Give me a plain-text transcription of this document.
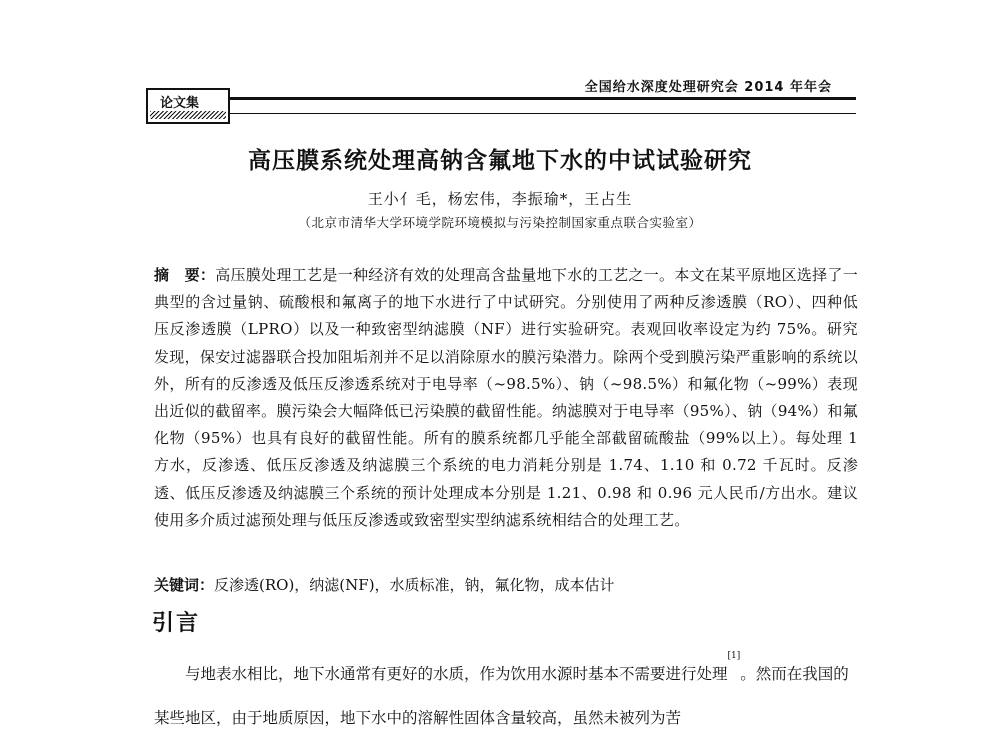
全国给水深度处理研究会 2014 年年会
论文集
高压膜系统处理高钠含氟地下水的中试试验研究
王小亻毛，杨宏伟，李振瑜*，王占生
（北京市清华大学环境学院环境模拟与污染控制国家重点联合实验室）

摘　要：高压膜处理工艺是一种经济有效的处理高含盐量地下水的工艺之一。本文在某平原地区选择了一典型的含过量钠、硫酸根和氟离子的地下水进行了中试研究。分别使用了两种反渗透膜（RO）、四种低压反渗透膜（LPRO）以及一种致密型纳滤膜（NF）进行实验研究。表观回收率设定为约 75%。研究发现，保安过滤器联合投加阻垢剂并不足以消除原水的膜污染潜力。除两个受到膜污染严重影响的系统以外，所有的反渗透及低压反渗透系统对于电导率（~98.5%）、钠（~98.5%）和氟化物（~99%）表现出近似的截留率。膜污染会大幅降低已污染膜的截留性能。纳滤膜对于电导率（95%）、钠（94%）和氟化物（95%）也具有良好的截留性能。所有的膜系统都几乎能全部截留硫酸盐（99%以上）。每处理 1 方水，反渗透、低压反渗透及纳滤膜三个系统的电力消耗分别是 1.74、1.10 和 0.72 千瓦时。反渗透、低压反渗透及纳滤膜三个系统的预计处理成本分别是 1.21、0.98 和 0.96 元人民币/方出水。建议使用多介质过滤预处理与低压反渗透或致密型实型纳滤系统相结合的处理工艺。

关键词：反渗透(RO)，纳滤(NF)，水质标准，钠，氟化物，成本估计

引言

与地表水相比，地下水通常有更好的水质，作为饮用水源时基本不需要进行处理[1]。然而在我国的某些地区，由于地质原因，地下水中的溶解性固体含量较高，虽然未被列为苦
